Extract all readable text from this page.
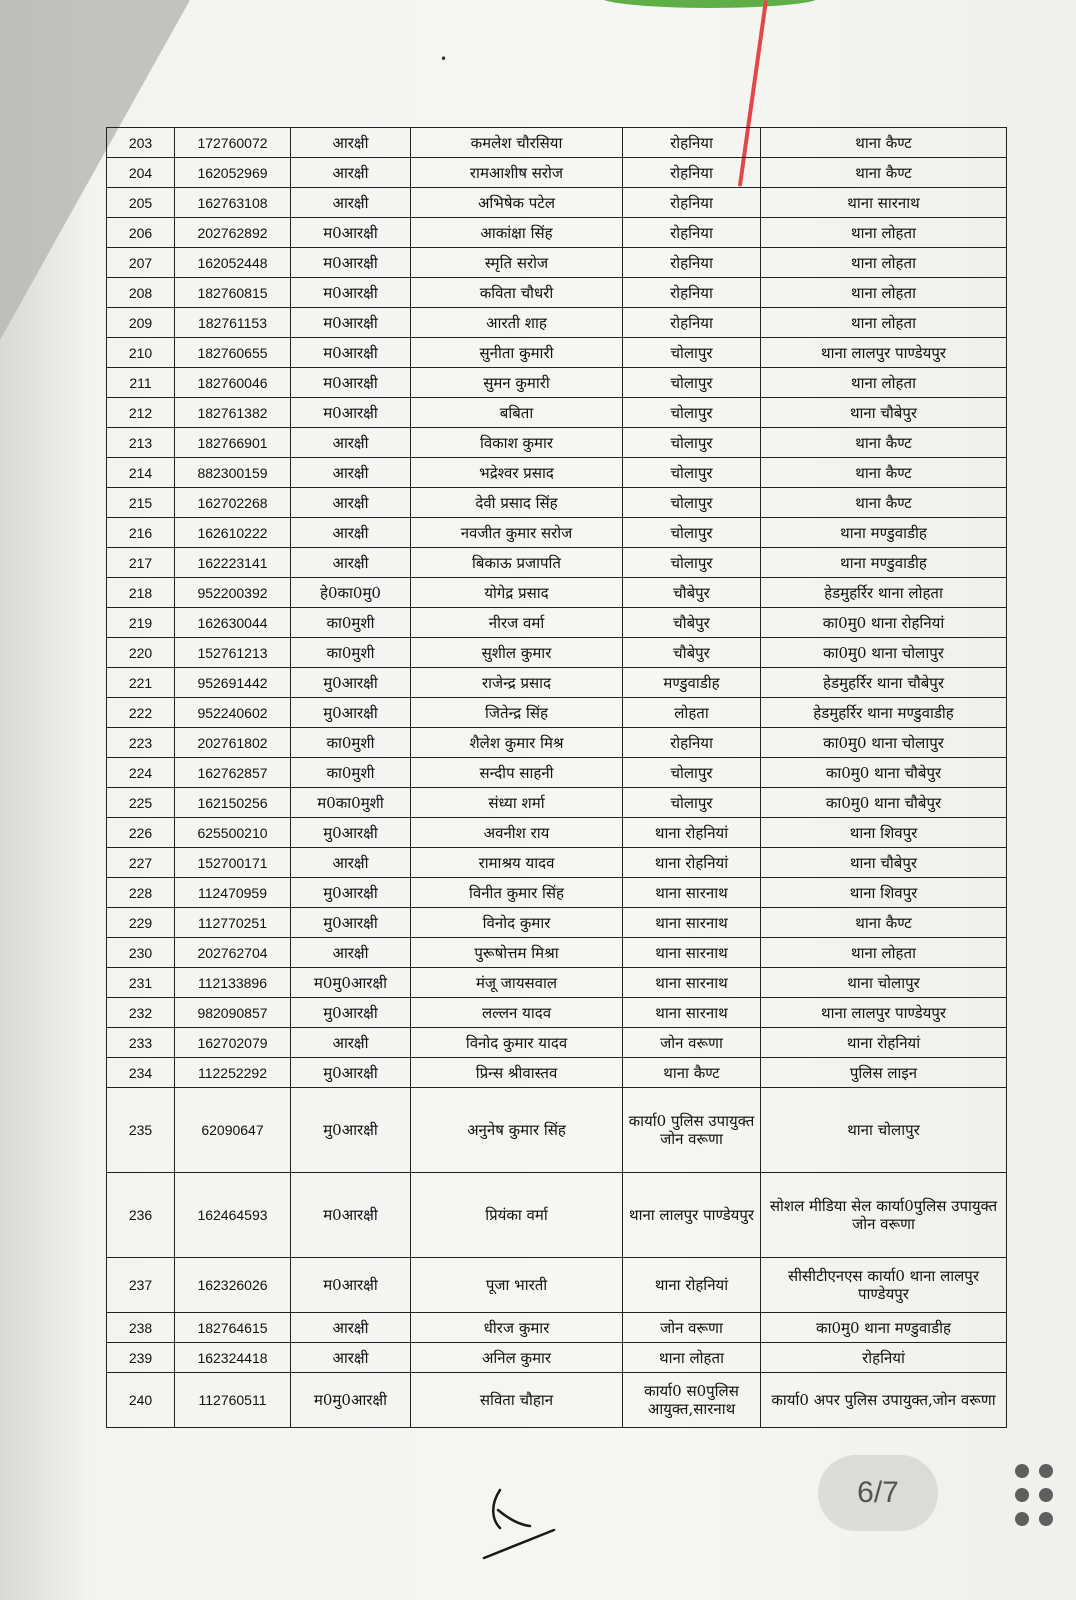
•
203	172760072	आरक्षी	कमलेश चौरसिया	रोहनिया	थाना कैण्ट
204	162052969	आरक्षी	रामआशीष सरोज	रोहनिया	थाना कैण्ट
205	162763108	आरक्षी	अभिषेक पटेल	रोहनिया	थाना सारनाथ
206	202762892	म0आरक्षी	आकांक्षा सिंह	रोहनिया	थाना लोहता
207	162052448	म0आरक्षी	स्मृति सरोज	रोहनिया	थाना लोहता
208	182760815	म0आरक्षी	कविता चौधरी	रोहनिया	थाना लोहता
209	182761153	म0आरक्षी	आरती शाह	रोहनिया	थाना लोहता
210	182760655	म0आरक्षी	सुनीता कुमारी	चोलापुर	थाना लालपुर पाण्डेयपुर
211	182760046	म0आरक्षी	सुमन कुमारी	चोलापुर	थाना लोहता
212	182761382	म0आरक्षी	बबिता	चोलापुर	थाना चौबेपुर
213	182766901	आरक्षी	विकाश कुमार	चोलापुर	थाना कैण्ट
214	882300159	आरक्षी	भद्रेश्वर प्रसाद	चोलापुर	थाना कैण्ट
215	162702268	आरक्षी	देवी प्रसाद सिंह	चोलापुर	थाना कैण्ट
216	162610222	आरक्षी	नवजीत कुमार सरोज	चोलापुर	थाना मण्डुवाडीह
217	162223141	आरक्षी	बिकाऊ प्रजापति	चोलापुर	थाना मण्डुवाडीह
218	952200392	हे0का0मु0	योगेद्र प्रसाद	चौबेपुर	हेडमुहर्रिर थाना लोहता
219	162630044	का0मुशी	नीरज वर्मा	चौबेपुर	का0मु0 थाना रोहनियां
220	152761213	का0मुशी	सुशील कुमार	चौबेपुर	का0मु0 थाना चोलापुर
221	952691442	मु0आरक्षी	राजेन्द्र प्रसाद	मण्डुवाडीह	हेडमुहर्रिर थाना चौबेपुर
222	952240602	मु0आरक्षी	जितेन्द्र सिंह	लोहता	हेडमुहर्रिर थाना मण्डुवाडीह
223	202761802	का0मुशी	शैलेश कुमार मिश्र	रोहनिया	का0मु0 थाना चोलापुर
224	162762857	का0मुशी	सन्दीप साहनी	चोलापुर	का0मु0 थाना चौबेपुर
225	162150256	म0का0मुशी	संध्या शर्मा	चोलापुर	का0मु0 थाना चौबेपुर
226	625500210	मु0आरक्षी	अवनीश राय	थाना रोहनियां	थाना शिवपुर
227	152700171	आरक्षी	रामाश्रय यादव	थाना रोहनियां	थाना चौबेपुर
228	112470959	मु0आरक्षी	विनीत कुमार सिंह	थाना सारनाथ	थाना शिवपुर
229	112770251	मु0आरक्षी	विनोद कुमार	थाना सारनाथ	थाना कैण्ट
230	202762704	आरक्षी	पुरूषोत्तम मिश्रा	थाना सारनाथ	थाना लोहता
231	112133896	म0मु0आरक्षी	मंजू जायसवाल	थाना सारनाथ	थाना चोलापुर
232	982090857	मु0आरक्षी	लल्लन यादव	थाना सारनाथ	थाना लालपुर पाण्डेयपुर
233	162702079	आरक्षी	विनोद कुमार यादव	जोन वरूणा	थाना रोहनियां
234	112252292	मु0आरक्षी	प्रिन्स श्रीवास्तव	थाना कैण्ट	पुलिस लाइन
235	62090647	मु0आरक्षी	अनुनेष कुमार सिंह	कार्या0 पुलिस उपायुक्त जोन वरूणा	थाना चोलापुर
236	162464593	म0आरक्षी	प्रियंका वर्मा	थाना लालपुर पाण्डेयपुर	सोशल मीडिया सेल कार्या0पुलिस उपायुक्त जोन वरूणा
237	162326026	म0आरक्षी	पूजा भारती	थाना रोहनियां	सीसीटीएनएस कार्या0 थाना लालपुर पाण्डेयपुर
238	182764615	आरक्षी	धीरज कुमार	जोन वरूणा	का0मु0 थाना मण्डुवाडीह
239	162324418	आरक्षी	अनिल कुमार	थाना लोहता	रोहनियां
240	112760511	म0मु0आरक्षी	सविता चौहान	कार्या0 स0पुलिस आयुक्त,सारनाथ	कार्या0 अपर पुलिस उपायुक्त,जोन वरूणा
6/7
